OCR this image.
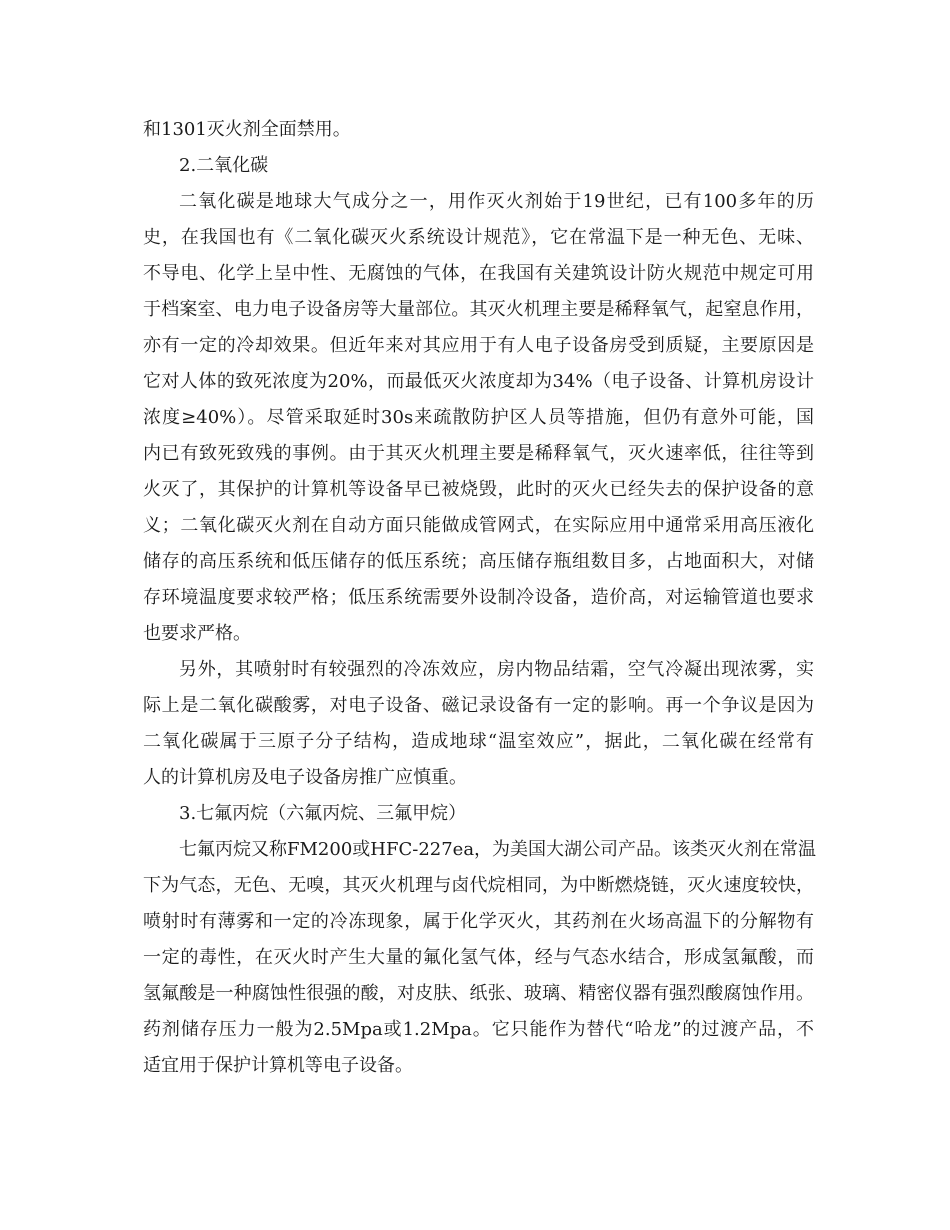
和1301灭火剂全面禁用。
2.二氧化碳
二氧化碳是地球大气成分之一，用作灭火剂始于19世纪，已有100多年的历
史，在我国也有《二氧化碳灭火系统设计规范》，它在常温下是一种无色、无味、
不导电、化学上呈中性、无腐蚀的气体，在我国有关建筑设计防火规范中规定可用
于档案室、电力电子设备房等大量部位。其灭火机理主要是稀释氧气，起窒息作用，
亦有一定的冷却效果。但近年来对其应用于有人电子设备房受到质疑，主要原因是
它对人体的致死浓度为20%，而最低灭火浓度却为34%（电子设备、计算机房设计
浓度≥40%）。尽管采取延时30s来疏散防护区人员等措施，但仍有意外可能，国
内已有致死致残的事例。由于其灭火机理主要是稀释氧气，灭火速率低，往往等到
火灭了，其保护的计算机等设备早已被烧毁，此时的灭火已经失去的保护设备的意
义；二氧化碳灭火剂在自动方面只能做成管网式，在实际应用中通常采用高压液化
储存的高压系统和低压储存的低压系统；高压储存瓶组数目多，占地面积大，对储
存环境温度要求较严格；低压系统需要外设制冷设备，造价高，对运输管道也要求
也要求严格。
另外，其喷射时有较强烈的冷冻效应，房内物品结霜，空气冷凝出现浓雾，实
际上是二氧化碳酸雾，对电子设备、磁记录设备有一定的影响。再一个争议是因为
二氧化碳属于三原子分子结构，造成地球“温室效应”，据此，二氧化碳在经常有
人的计算机房及电子设备房推广应慎重。
3.七氟丙烷（六氟丙烷、三氟甲烷）
七氟丙烷又称FM200或HFC-227ea，为美国大湖公司产品。该类灭火剂在常温
下为气态，无色、无嗅，其灭火机理与卤代烷相同，为中断燃烧链，灭火速度较快，
喷射时有薄雾和一定的冷冻现象，属于化学灭火，其药剂在火场高温下的分解物有
一定的毒性，在灭火时产生大量的氟化氢气体，经与气态水结合，形成氢氟酸，而
氢氟酸是一种腐蚀性很强的酸，对皮肤、纸张、玻璃、精密仪器有强烈酸腐蚀作用。
药剂储存压力一般为2.5Mpa或1.2Mpa。它只能作为替代“哈龙”的过渡产品，不
适宜用于保护计算机等电子设备。
